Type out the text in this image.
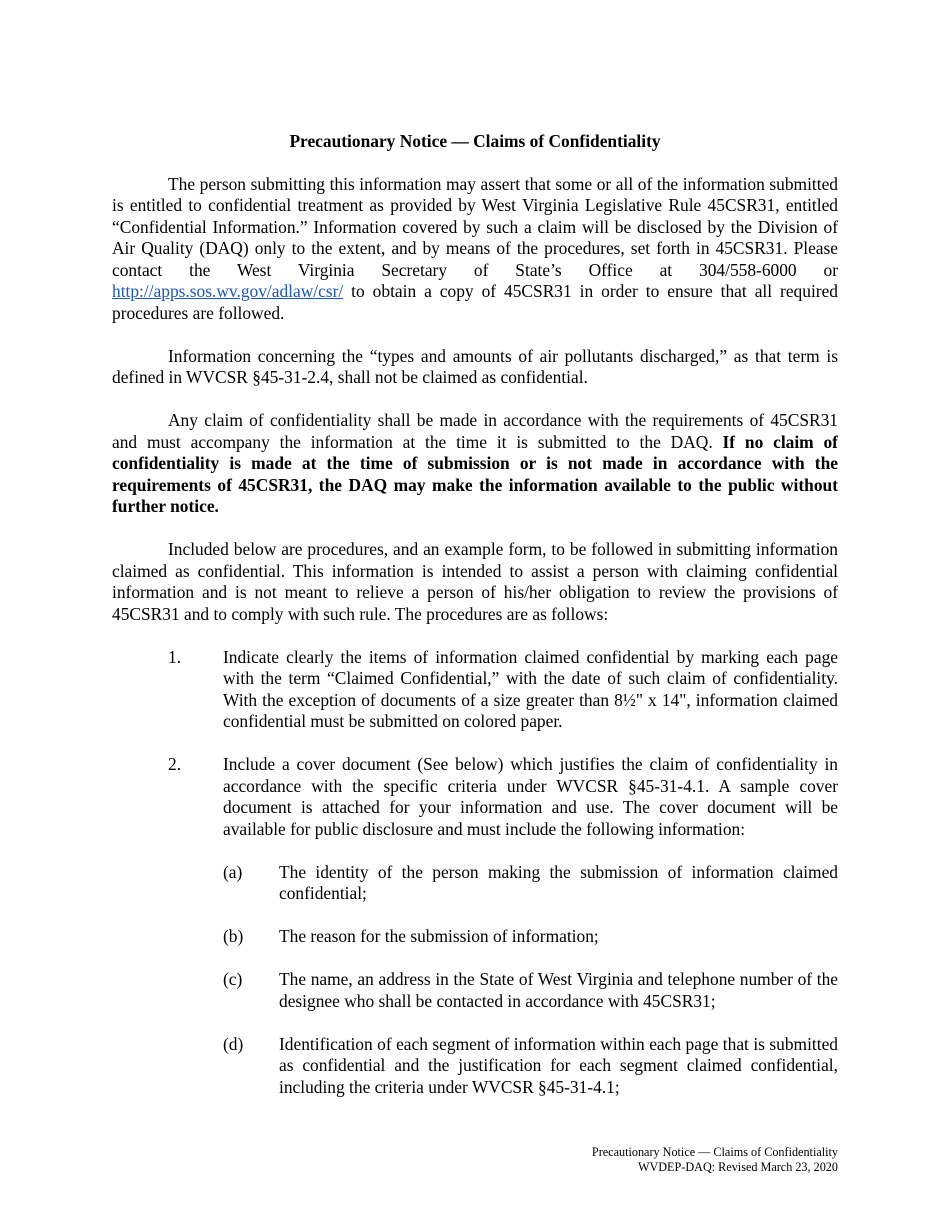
Precautionary Notice — Claims of Confidentiality

The person submitting this information may assert that some or all of the information submitted is entitled to confidential treatment as provided by West Virginia Legislative Rule 45CSR31, entitled “Confidential Information.” Information covered by such a claim will be disclosed by the Division of Air Quality (DAQ) only to the extent, and by means of the procedures, set forth in 45CSR31. Please contact the West Virginia Secretary of State’s Office at 304/558-6000 or http://apps.sos.wv.gov/adlaw/csr/ to obtain a copy of 45CSR31 in order to ensure that all required procedures are followed.

Information concerning the “types and amounts of air pollutants discharged,” as that term is defined in WVCSR §45-31-2.4, shall not be claimed as confidential.

Any claim of confidentiality shall be made in accordance with the requirements of 45CSR31 and must accompany the information at the time it is submitted to the DAQ. If no claim of confidentiality is made at the time of submission or is not made in accordance with the requirements of 45CSR31, the DAQ may make the information available to the public without further notice.

Included below are procedures, and an example form, to be followed in submitting information claimed as confidential. This information is intended to assist a person with claiming confidential information and is not meant to relieve a person of his/her obligation to review the provisions of 45CSR31 and to comply with such rule. The procedures are as follows:

1.	Indicate clearly the items of information claimed confidential by marking each page with the term “Claimed Confidential,” with the date of such claim of confidentiality. With the exception of documents of a size greater than 8½" x 14", information claimed confidential must be submitted on colored paper.
2.	Include a cover document (See below) which justifies the claim of confidentiality in accordance with the specific criteria under WVCSR §45-31-4.1. A sample cover document is attached for your information and use. The cover document will be available for public disclosure and must include the following information:
(a)	The identity of the person making the submission of information claimed confidential;
(b)	The reason for the submission of information;
(c)	The name, an address in the State of West Virginia and telephone number of the designee who shall be contacted in accordance with 45CSR31;
(d)	Identification of each segment of information within each page that is submitted as confidential and the justification for each segment claimed confidential, including the criteria under WVCSR §45-31-4.1;
Precautionary Notice — Claims of Confidentiality
WVDEP-DAQ: Revised March 23, 2020
